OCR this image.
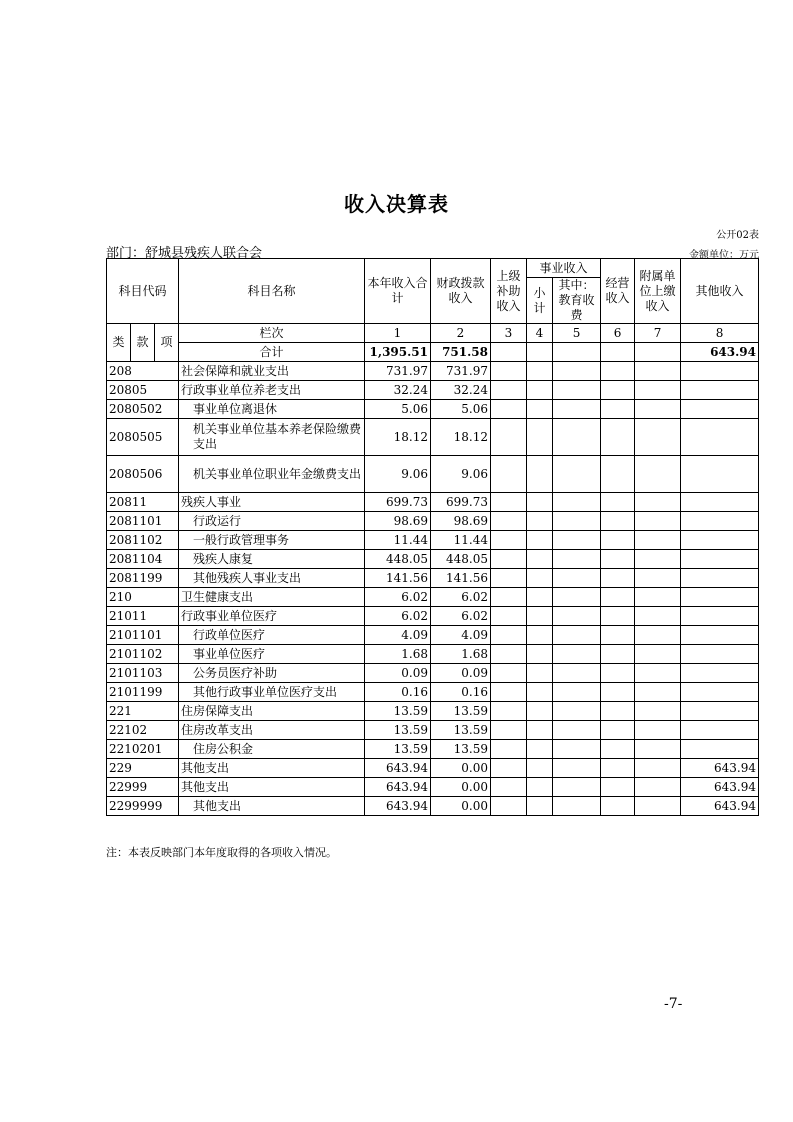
收入决算表
公开02表
部门：舒城县残疾人联合会	金额单位：万元
科目代码			科目名称	本年收入合计	财政拨款收入	上级补助收入	事业收入		经营收入	附属单位上缴收入	其他收入
							小计	其中：教育收费			

类	款	项	栏次	1	2	3	4	5	6	7	8
			合计	1,395.51	751.58						643.94
208			社会保障和就业支出	731.97	731.97						
20805			行政事业单位养老支出	32.24	32.24						
2080502			事业单位离退休	5.06	5.06						
2080505			机关事业单位基本养老保险缴费支出	18.12	18.12						
2080506			机关事业单位职业年金缴费支出	9.06	9.06						
20811			残疾人事业	699.73	699.73						
2081101			行政运行	98.69	98.69						
2081102			一般行政管理事务	11.44	11.44						
2081104			残疾人康复	448.05	448.05						
2081199			其他残疾人事业支出	141.56	141.56						
210			卫生健康支出	6.02	6.02						
21011			行政事业单位医疗	6.02	6.02						
2101101			行政单位医疗	4.09	4.09						
2101102			事业单位医疗	1.68	1.68						
2101103			公务员医疗补助	0.09	0.09						
2101199			其他行政事业单位医疗支出	0.16	0.16						
221			住房保障支出	13.59	13.59						
22102			住房改革支出	13.59	13.59						
2210201			住房公积金	13.59	13.59						
229			其他支出	643.94	0.00						643.94
22999			其他支出	643.94	0.00						643.94
2299999			其他支出	643.94	0.00						643.94
注：本表反映部门本年度取得的各项收入情况。
-7-
